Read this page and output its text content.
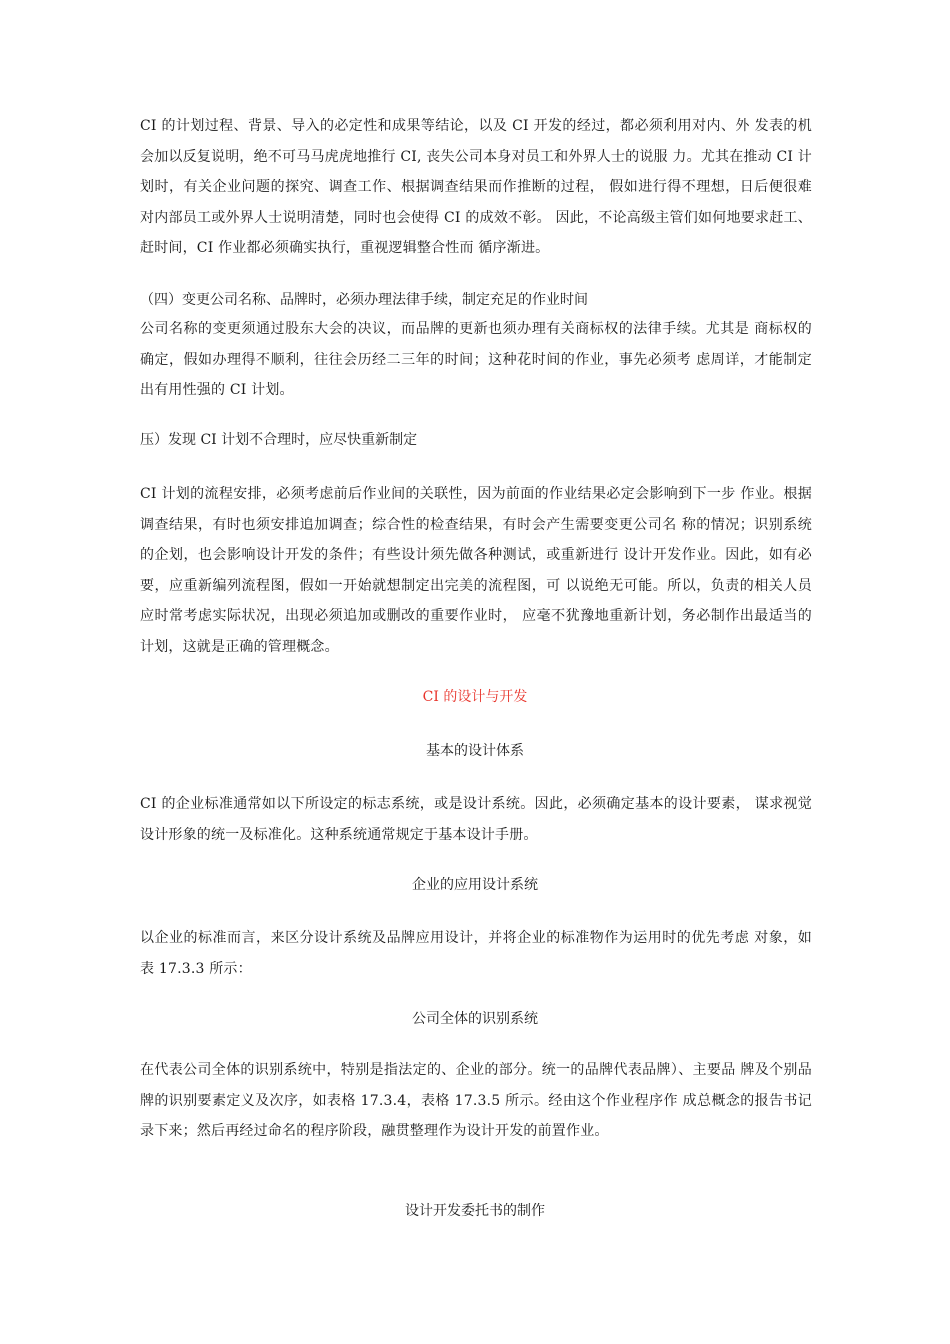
CI 的计划过程、背景、导入的必定性和成果等结论，以及 CI 开发的经过，都必须利用对内、外 发表的机会加以反复说明，绝不可马马虎虎地推行 CI, 丧失公司本身对员工和外界人士的说服 力。尤其在推动 CI 计划时，有关企业问题的探究、调查工作、根据调查结果而作推断的过程， 假如进行得不理想，日后便很难对内部员工或外界人士说明清楚，同时也会使得 CI 的成效不彰。 因此，不论高级主管们如何地要求赶工、赶时间，CI 作业都必须确实执行，重视逻辑整合性而 循序渐进。

（四）变更公司名称、品牌时，必须办理法律手续，制定充足的作业时间

公司名称的变更须通过股东大会的决议，而品牌的更新也须办理有关商标权的法律手续。尤其是 商标权的确定，假如办理得不顺利，往往会历经二三年的时间；这种花时间的作业，事先必须考 虑周详，才能制定出有用性强的 CI 计划。

压）发现 CI 计划不合理时，应尽快重新制定

CI 计划的流程安排，必须考虑前后作业间的关联性，因为前面的作业结果必定会影响到下一步 作业。根据调查结果，有时也须安排追加调查；综合性的检查结果，有时会产生需要变更公司名 称的情况；识别系统的企划，也会影响设计开发的条件；有些设计须先做各种测试，或重新进行 设计开发作业。因此，如有必要，应重新编列流程图，假如一开始就想制定出完美的流程图，可 以说绝无可能。所以，负责的相关人员应时常考虑实际状况，出现必须追加或删改的重要作业时， 应毫不犹豫地重新计划，务必制作出最适当的计划，这就是正确的管理概念。

CI 的设计与开发

基本的设计体系

CI 的企业标准通常如以下所设定的标志系统，或是设计系统。因此，必须确定基本的设计要素， 谋求视觉设计形象的统一及标准化。这种系统通常规定于基本设计手册。

企业的应用设计系统

以企业的标准而言，来区分设计系统及品牌应用设计，并将企业的标准物作为运用时的优先考虑 对象，如表 17.3.3 所示：

公司全体的识别系统

在代表公司全体的识别系统中，特别是指法定的、企业的部分。统一的品牌代表品牌）、主要品 牌及个别品牌的识别要素定义及次序，如表格 17.3.4，表格 17.3.5 所示。经由这个作业程序作 成总概念的报告书记录下来；然后再经过命名的程序阶段，融贯整理作为设计开发的前置作业。

设计开发委托书的制作
